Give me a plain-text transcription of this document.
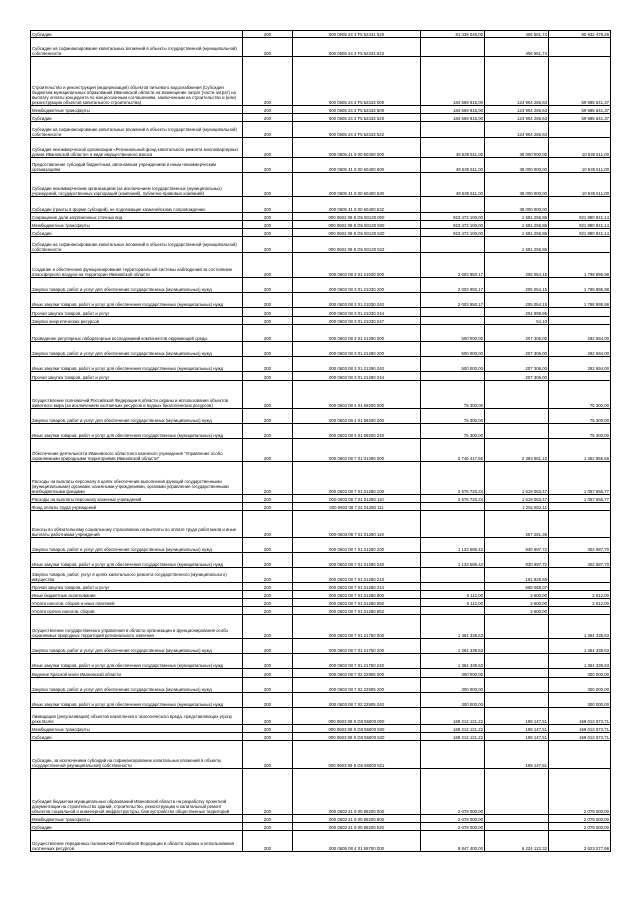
Субсидии	200	000 0505 24 3 F5 52431 520	81 339 046,00	406 561,74	80 932 478,26
Субсидии на софинансирование капитальных вложений в объекты государственной (муниципальной) собственности	200	000 0505 24 3 F5 52431 522		406 561,74	
Строительство и реконструкция (модернизация) объектов питьевого водоснабжения (Субсидия бюджетам муниципальных образований Ивановской области на возмещение затрат (части затрат) на выплату оплаты концедента по концессионным соглашениям, заключенным на строительство и (или) реконструкцию объектов капитального строительства)	200	000 0505 24 3 F5 52432 000	184 669 915,00	124 904 266,63	59 985 641,37
Межбюджетные трансферты	200	000 0505 24 3 F5 52432 500	184 669 915,00	124 904 266,63	59 985 641,37
Субсидии	200	000 0505 24 3 F5 52432 520	184 669 915,00	124 904 266,63	59 985 641,37
Субсидии на софинансирование капитальных вложений в объекты государственной (муниципальной) собственности	200	000 0505 24 3 F5 52432 522		124 904 266,63	
Субсидия некоммерческой организации «Региональный фонд капитального ремонта многоквартирных домов Ивановской области» в виде имущественного взноса	200	000 0505 41 9 00 60400 000	48 539 511,00	38 000 000,00	10 539 511,00
Предоставление субсидий бюджетным, автономным учреждениям и иным некоммерческим организациям	200	000 0505 41 9 00 60400 600	48 539 511,00	38 000 000,00	10 539 511,00
Субсидии некоммерческим организациям (за исключением государственных (муниципальных) учреждений, государственных корпораций (компаний), публично-правовых компаний)	200	000 0505 41 9 00 60400 630	48 539 511,00	38 000 000,00	10 539 511,00
Субсидии (гранты в форме субсидий), не подлежащие казначейскому сопровождению	200	000 0505 41 9 00 60400 632		38 000 000,00	
Сокращение доли загрязненных сточных вод	200	000 0602 08 8 G6 50130 000	923 472 100,00	1 591 258,86	921 880 841,14
Межбюджетные трансферты	200	000 0602 08 8 G6 50130 500	923 472 100,00	1 591 258,86	921 880 841,14
Субсидии	200	000 0602 08 8 G6 50130 520	923 472 100,00	1 591 258,86	921 880 841,14
Субсидии на софинансирование капитальных вложений в объекты государственной (муниципальной) собственности	200	000 0602 08 8 G6 50130 522		1 591 258,86	
Создание и обеспечение функционирования территориальной системы наблюдений за состоянием атмосферного воздуха на территории Ивановской области	200	000 0603 08 3 01 21030 000	2 003 950,17	205 054,15	1 798 895,98
Закупка товаров, работ и услуг для обеспечения государственных (муниципальных) нужд	200	000 0603 08 3 01 21030 200	2 003 950,17	205 054,15	1 798 895,98
Иные закупки товаров, работ и услуг для обеспечения государственных (муниципальных) нужд	200	000 0603 08 3 01 21030 240	2 003 950,17	205 054,15	1 798 895,98
Прочая закупка товаров, работ и услуг	200	000 0603 08 3 01 21030 244		204 999,95	
Закупка энергетических ресурсов	200	000 0603 08 3 01 21030 247		54,10	
Проведение регулярных лабораторных исследований компонентов окружающей среды	200	000 0603 08 3 01 21290 000	500 000,00	207 306,00	292 694,00
Закупка товаров, работ и услуг для обеспечения государственных (муниципальных) нужд	200	000 0603 08 3 01 21290 200	500 000,00	207 306,00	292 694,00
Иные закупки товаров, работ и услуг для обеспечения государственных (муниципальных) нужд	200	000 0603 08 3 01 21290 240	500 000,00	207 306,00	292 694,00
Прочая закупка товаров, работ и услуг	200	000 0603 08 3 01 21290 244		207 306,00	
Осуществление полномочий Российской Федерации в области охраны и использования объектов животного мира (за исключением охотничьих ресурсов и водных биологических ресурсов)	200	000 0603 08 4 01 59200 000	75 300,00		75 300,00
Закупка товаров, работ и услуг для обеспечения государственных (муниципальных) нужд	200	000 0603 08 4 01 59200 200	75 300,00		75 300,00
Иные закупки товаров, работ и услуг для обеспечения государственных (муниципальных) нужд	200	000 0603 08 4 01 59200 240	75 300,00		75 300,00
Обеспечение деятельности Ивановского областного казенного учреждения "Управление особо охраняемыми природными территориями Ивановской области"	200	000 0603 08 7 01 01280 000	3 746 417,66	2 383 561,10	1 362 856,56
Расходы на выплаты персоналу в целях обеспечения выполнения функций государственными (муниципальными) органами, казенными учреждениями, органами управления государственными внебюджетными фондами	200	000 0603 08 7 01 01280 100	2 576 720,24	1 519 063,47	1 057 656,77
Расходы на выплаты персоналу казенных учреждений	200	000 0603 08 7 01 01280 110	2 576 720,24	1 519 063,47	1 057 656,77
Фонд оплаты труда учреждений	200	000 0603 08 7 01 01280 111		1 251 802,11	
Взносы по обязательному социальному страхованию на выплаты по оплате труда работников и иные выплаты работникам учреждений	200	000 0603 08 7 01 01280 119		267 261,36	
Закупка товаров, работ и услуг для обеспечения государственных (муниципальных) нужд	200	000 0603 08 7 01 01280 200	1 133 585,42	830 997,72	302 587,70
Иные закупки товаров, работ и услуг для обеспечения государственных (муниципальных) нужд	200	000 0603 08 7 01 01280 240	1 133 585,42	830 997,72	302 587,70
Закупка товаров, работ, услуг в целях капитального ремонта государственного (муниципального) имущества	200	000 0603 08 7 01 01280 243		161 929,65	
Прочая закупка товаров, работ и услуг	200	000 0603 08 7 01 01280 244		669 068,07	
Иные бюджетные ассигнования	200	000 0603 08 7 01 01280 800	6 112,00	3 500,00	2 612,00
Уплата налогов, сборов и иных платежей	200	000 0603 08 7 01 01280 850	6 112,00	3 500,00	2 612,00
Уплата прочих налогов, сборов	200	000 0603 08 7 01 01280 852		3 500,00	
Осуществление государственного управления в области организации и функционирования особо охраняемых природных территорий регионального значения	200	000 0603 08 7 01 21750 000	1 364 339,63		1 364 339,63
Закупка товаров, работ и услуг для обеспечения государственных (муниципальных) нужд	200	000 0603 08 7 01 21750 200	1 364 339,63		1 364 339,63
Иные закупки товаров, работ и услуг для обеспечения государственных (муниципальных) нужд	200	000 0603 08 7 01 21750 240	1 364 339,63		1 364 339,63
Ведение Красной книги Ивановской области	200	000 0603 08 7 02 22905 000	300 000,00		300 000,00
Закупка товаров, работ и услуг для обеспечения государственных (муниципальных) нужд	200	000 0603 08 7 02 22905 200	300 000,00		300 000,00
Иные закупки товаров, работ и услуг для обеспечения государственных (муниципальных) нужд	200	000 0603 08 7 02 22905 240	300 000,00		300 000,00
Ликвидация (рекультивация) объектов накопленного экологического вреда, представляющих угрозу реке Волге	200	000 0603 08 9 G8 55000 000	168 212 121,22	199 147,51	168 012 973,71
Межбюджетные трансферты	200	000 0603 08 9 G8 55000 500	168 212 121,22	199 147,51	168 012 973,71
Субсидии	200	000 0603 08 9 G8 55000 520	168 212 121,22	199 147,51	168 012 973,71
Субсидии, за исключением субсидий на софинансирование капитальных вложений в объекты государственной (муниципальной) собственности	200	000 0603 08 9 G8 55000 521		199 147,51	
Субсидия бюджетам муниципальных образований Ивановской области на разработку проектной документации на строительство зданий, строительство, реконструкцию и капитальный ремонт объектов социальной и инженерной инфраструктуры, благоустройство общественных территорий	200	000 0603 41 9 00 86200 000	2 079 000,00		2 079 000,00
Межбюджетные трансферты	200	000 0603 41 9 00 86200 500	2 079 000,00		2 079 000,00
Субсидии	200	000 0603 41 9 00 86200 520	2 079 000,00		2 079 000,00
Осуществление переданных полномочий Российской Федерации в области охраны и использования охотничьих ресурсов	200	000 0605 08 4 01 59700 000	9 847 400,00	6 224 122,32	3 623 277,68
